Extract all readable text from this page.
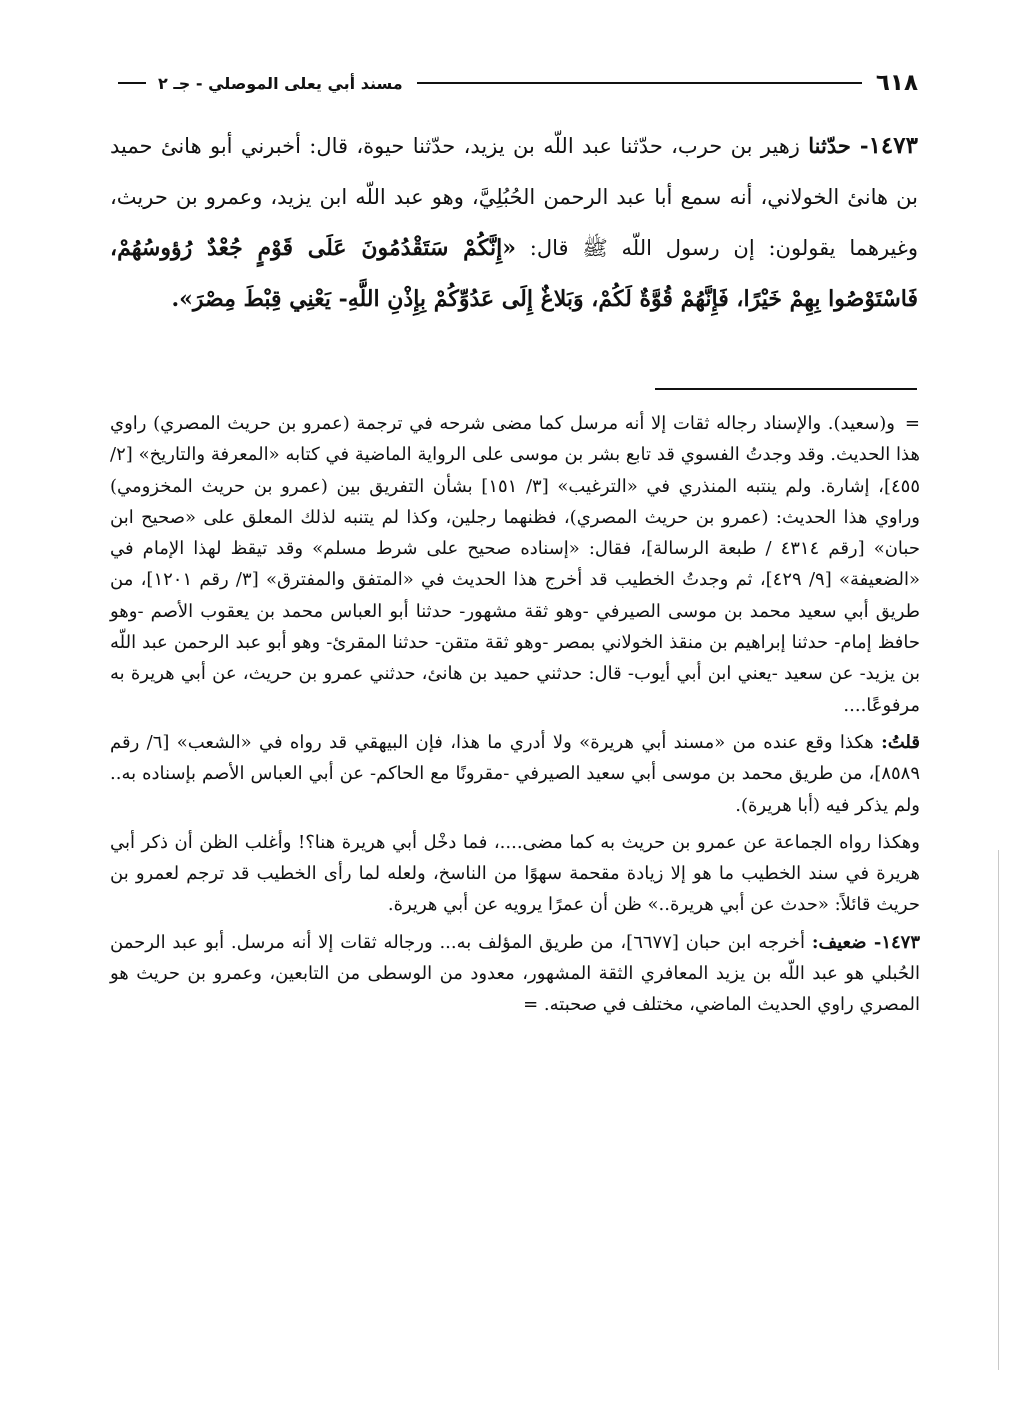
٦١٨
مسند أبي يعلى الموصلي - جـ ٢

١٤٧٣- حدّثنا زهير بن حرب، حدّثنا عبد اللّه بن يزيد، حدّثنا حيوة، قال: أخبرني أبو هانئ حميد بن هانئ الخولاني، أنه سمع أبا عبد الرحمن الحُبُلِيَّ، وهو عبد اللّه ابن يزيد، وعمرو بن حريث، وغيرهما يقولون: إن رسول اللّه ﷺ قال: «إِنَّكُمْ سَتَقْدُمُونَ عَلَى قَوْمٍ جُعْدٌ رُؤوسُهُمْ، فَاسْتَوْصُوا بِهِمْ خَيْرًا، فَإِنَّهُمْ قُوَّةٌ لَكُمْ، وَبَلاغٌ إِلَى عَدُوِّكُمْ بِإِذْنِ اللَّهِ- يَعْنِي قِبْطَ مِصْرَ».

=و(سعيد). والإسناد رجاله ثقات إلا أنه مرسل كما مضى شرحه في ترجمة (عمرو بن حريث المصري) راوي هذا الحديث. وقد وجدتُ الفسوي قد تابع بشر بن موسى على الرواية الماضية في كتابه «المعرفة والتاريخ» [٢/ ٤٥٥]، إشارة. ولم ينتبه المنذري في «الترغيب» [٣/ ١٥١] بشأن التفريق بين (عمرو بن حريث المخزومي) وراوي هذا الحديث: (عمرو بن حريث المصري)، فظنهما رجلين، وكذا لم يتنبه لذلك المعلق على «صحيح ابن حبان» [رقم ٤٣١٤ / طبعة الرسالة]، فقال: «إسناده صحيح على شرط مسلم» وقد تيقظ لهذا الإمام في «الضعيفة» [٩/ ٤٢٩]، ثم وجدتُ الخطيب قد أخرج هذا الحديث في «المتفق والمفترق» [٣/ رقم ١٢٠١]، من طريق أبي سعيد محمد بن موسى الصيرفي -وهو ثقة مشهور- حدثنا أبو العباس محمد بن يعقوب الأصم -وهو حافظ إمام- حدثنا إبراهيم بن منقذ الخولاني بمصر -وهو ثقة متقن- حدثنا المقرئ- وهو أبو عبد الرحمن عبد اللّه بن يزيد- عن سعيد -يعني ابن أبي أيوب- قال: حدثني حميد بن هانئ، حدثني عمرو بن حريث، عن أبي هريرة به مرفوعًا....

قلتُ: هكذا وقع عنده من «مسند أبي هريرة» ولا أدري ما هذا، فإن البيهقي قد رواه في «الشعب» [٦/ رقم ٨٥٨٩]، من طريق محمد بن موسى أبي سعيد الصيرفي -مقرونًا مع الحاكم- عن أبي العباس الأصم بإسناده به.. ولم يذكر فيه (أبا هريرة).

وهكذا رواه الجماعة عن عمرو بن حريث به كما مضى....، فما دخْل أبي هريرة هنا؟! وأغلب الظن أن ذكر أبي هريرة في سند الخطيب ما هو إلا زيادة مقحمة سهوًا من الناسخ، ولعله لما رأى الخطيب قد ترجم لعمرو بن حريث قائلاً: «حدث عن أبي هريرة..» ظن أن عمرًا يرويه عن أبي هريرة.

١٤٧٣- ضعيف: أخرجه ابن حبان [٦٦٧٧]، من طريق المؤلف به... ورجاله ثقات إلا أنه مرسل. أبو عبد الرحمن الحُبلي هو عبد اللّه بن يزيد المعافري الثقة المشهور، معدود من الوسطى من التابعين، وعمرو بن حريث هو المصري راوي الحديث الماضي، مختلف في صحبته. =
